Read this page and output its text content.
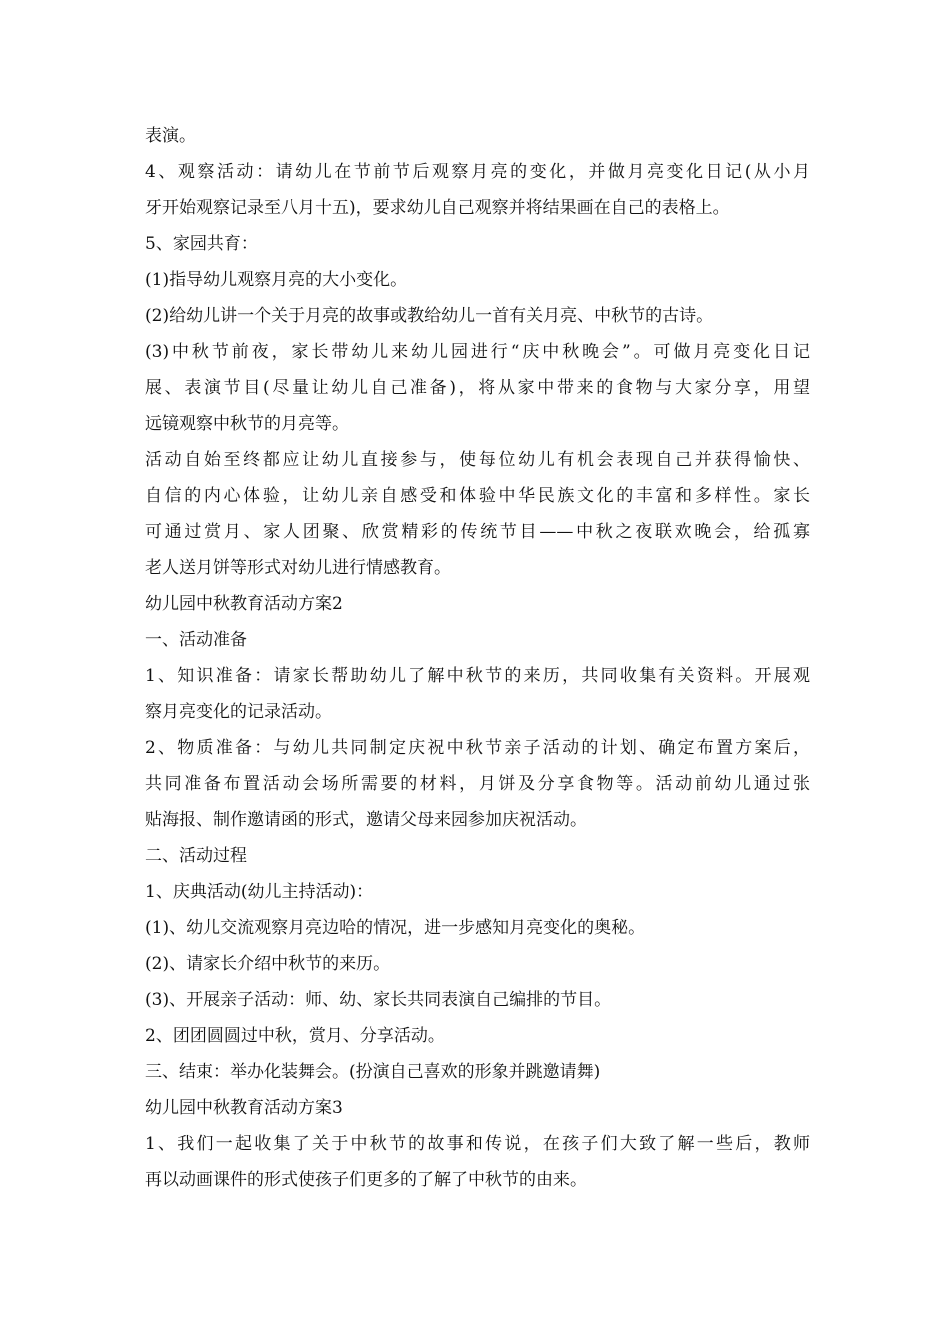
表演。
4、观察活动：请幼儿在节前节后观察月亮的变化，并做月亮变化日记(从小月
牙开始观察记录至八月十五)，要求幼儿自己观察并将结果画在自己的表格上。
5、家园共育：
(1)指导幼儿观察月亮的大小变化。
(2)给幼儿讲一个关于月亮的故事或教给幼儿一首有关月亮、中秋节的古诗。
(3)中秋节前夜，家长带幼儿来幼儿园进行“庆中秋晚会”。可做月亮变化日记
展、表演节目(尽量让幼儿自己准备)，将从家中带来的食物与大家分享，用望
远镜观察中秋节的月亮等。
活动自始至终都应让幼儿直接参与，使每位幼儿有机会表现自己并获得愉快、
自信的内心体验，让幼儿亲自感受和体验中华民族文化的丰富和多样性。家长
可通过赏月、家人团聚、欣赏精彩的传统节目——中秋之夜联欢晚会，给孤寡
老人送月饼等形式对幼儿进行情感教育。
幼儿园中秋教育活动方案2
一、活动准备
1、知识准备：请家长帮助幼儿了解中秋节的来历，共同收集有关资料。开展观
察月亮变化的记录活动。
2、物质准备：与幼儿共同制定庆祝中秋节亲子活动的计划、确定布置方案后，
共同准备布置活动会场所需要的材料，月饼及分享食物等。活动前幼儿通过张
贴海报、制作邀请函的形式，邀请父母来园参加庆祝活动。
二、活动过程
1、庆典活动(幼儿主持活动)：
(1)、幼儿交流观察月亮边哈的情况，进一步感知月亮变化的奥秘。
(2)、请家长介绍中秋节的来历。
(3)、开展亲子活动：师、幼、家长共同表演自己编排的节目。
2、团团圆圆过中秋，赏月、分享活动。
三、结束：举办化装舞会。(扮演自己喜欢的形象并跳邀请舞)
幼儿园中秋教育活动方案3
1、我们一起收集了关于中秋节的故事和传说，在孩子们大致了解一些后，教师
再以动画课件的形式使孩子们更多的了解了中秋节的由来。
